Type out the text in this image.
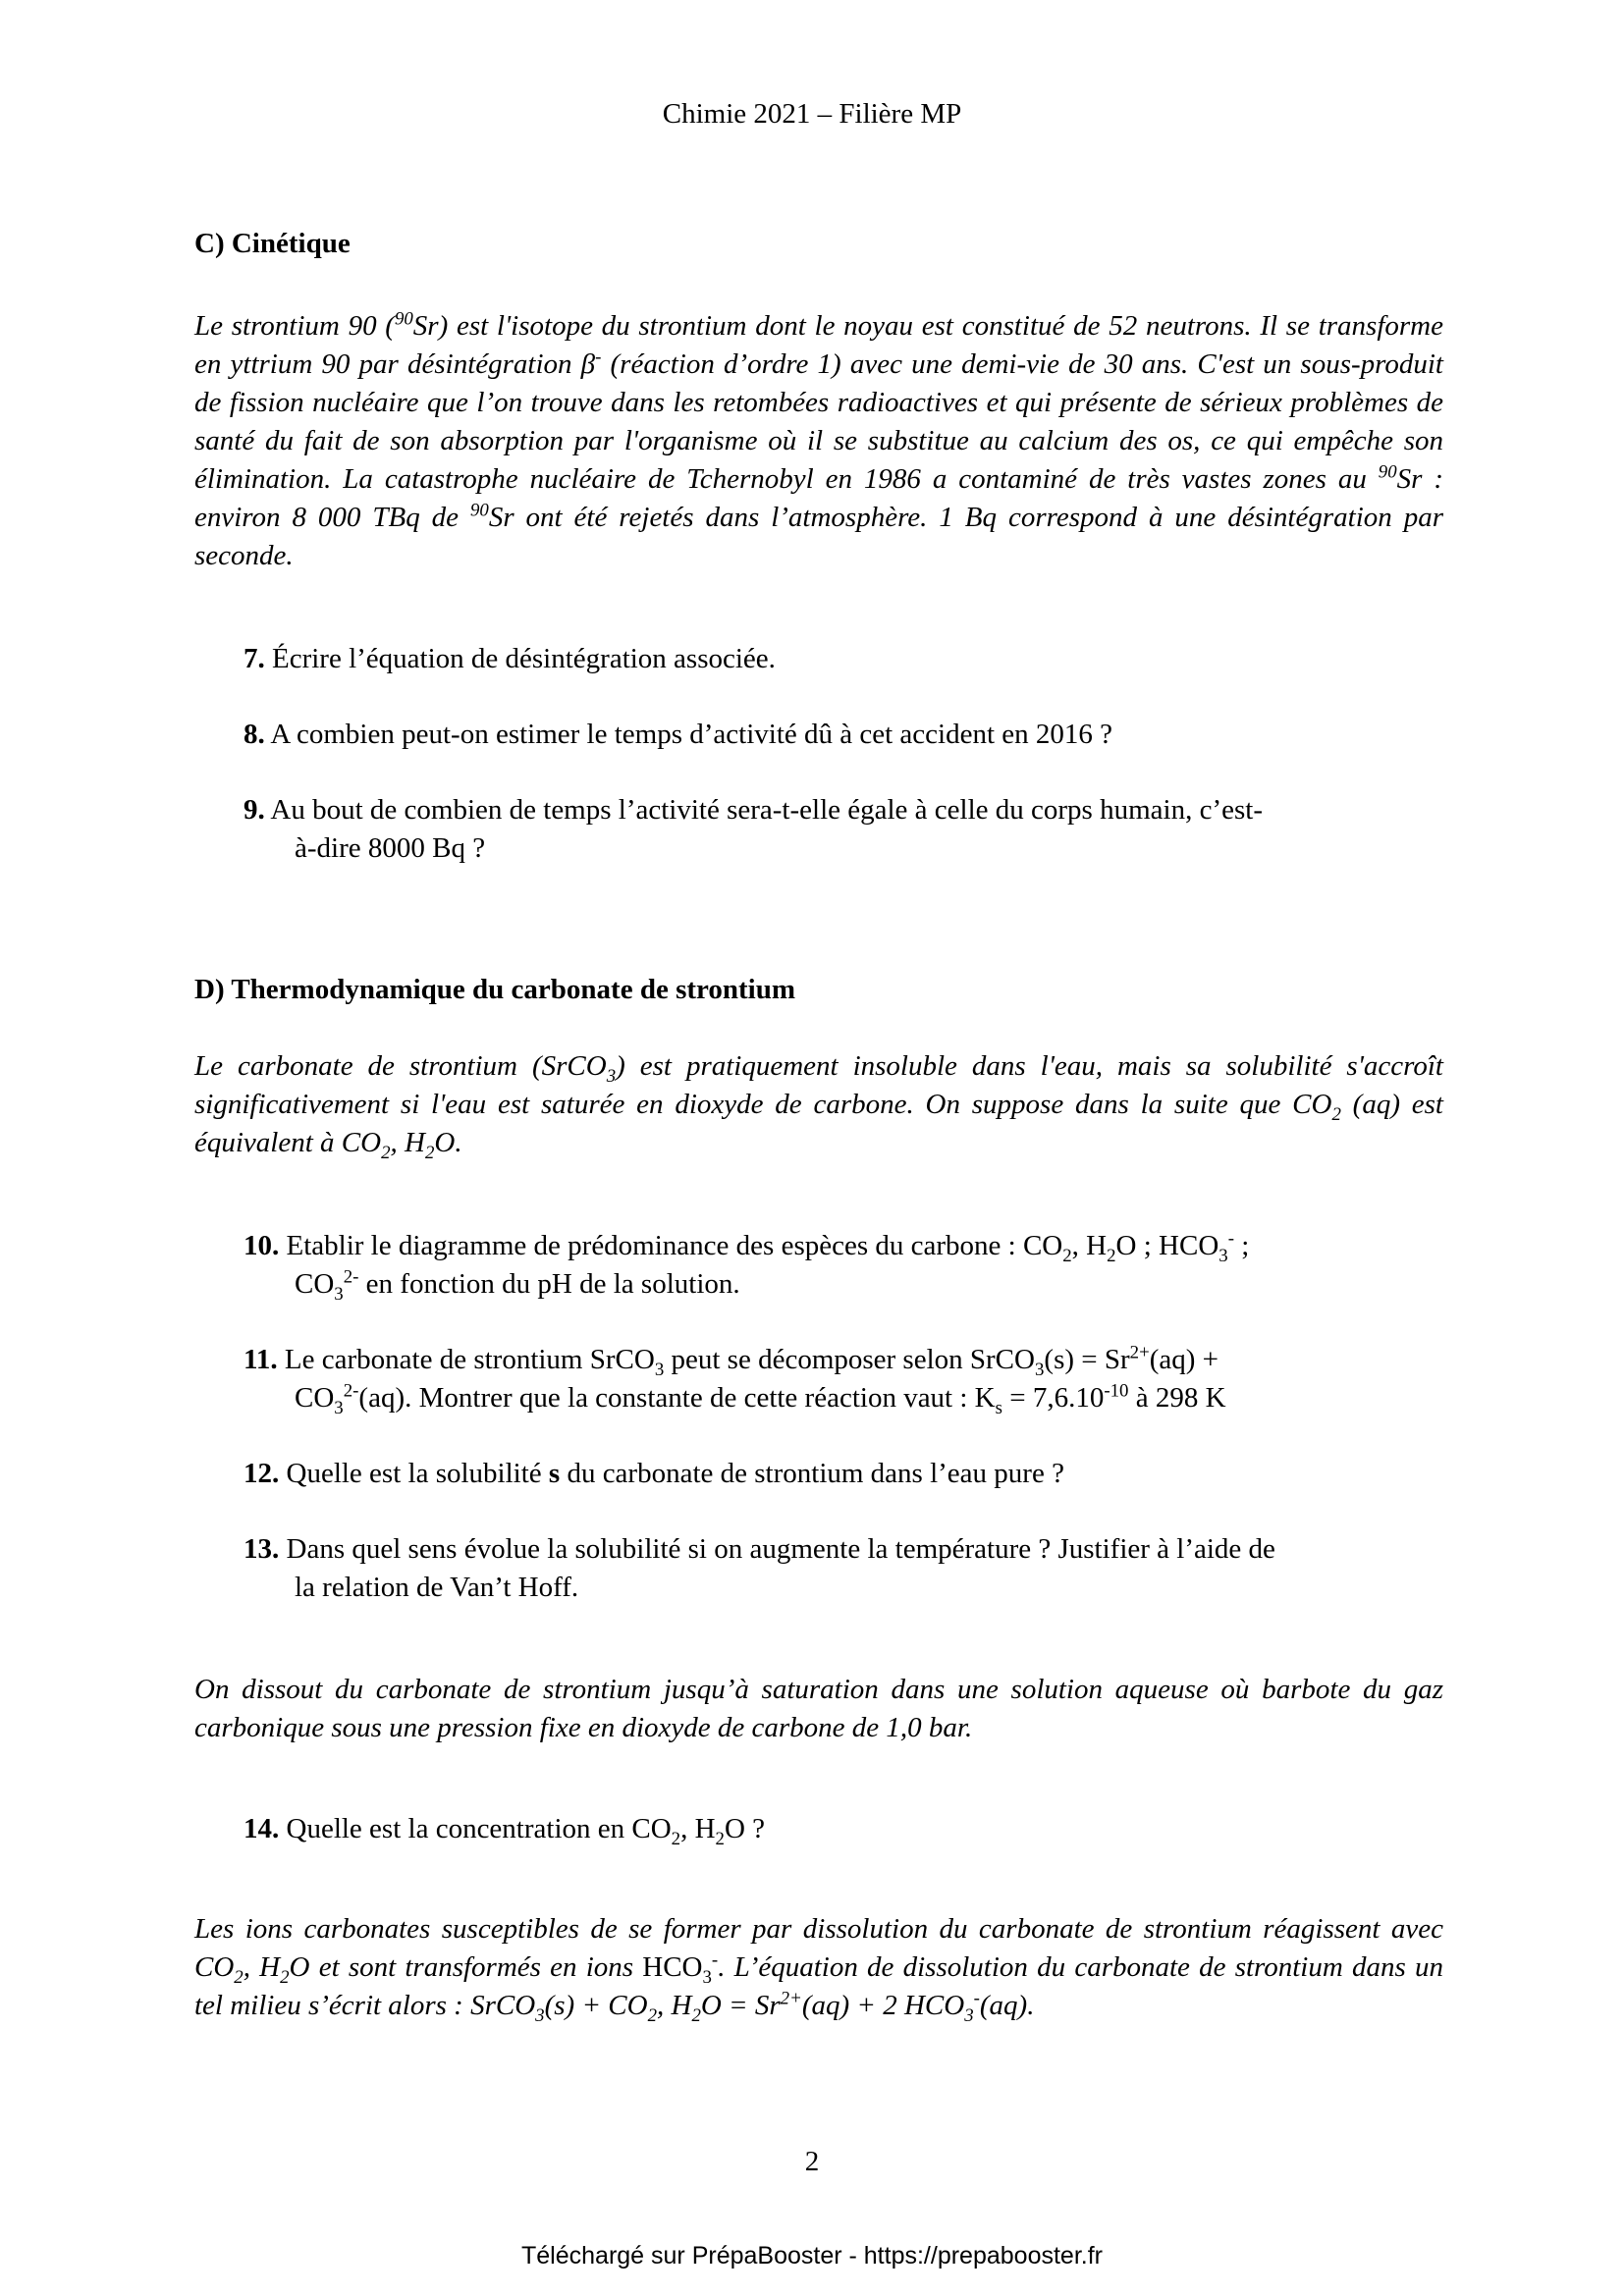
Chimie 2021 – Filière MP
C) Cinétique
Le strontium 90 ($^{90}$Sr) est l'isotope du strontium dont le noyau est constitué de 52 neutrons. Il se transforme en yttrium 90 par désintégration β- (réaction d’ordre 1) avec une demi-vie de 30 ans. C'est un sous-produit de fission nucléaire que l’on trouve dans les retombées radioactives et qui présente de sérieux problèmes de santé du fait de son absorption par l'organisme où il se substitue au calcium des os, ce qui empêche son élimination. La catastrophe nucléaire de Tchernobyl en 1986 a contaminé de très vastes zones au $^{90}$Sr : environ 8 000 TBq de $^{90}$Sr ont été rejetés dans l’atmosphère. 1 Bq correspond à une désintégration par seconde.
7. Écrire l’équation de désintégration associée.
8. A combien peut-on estimer le temps d’activité dû à cet accident en 2016 ?
9. Au bout de combien de temps l’activité sera-t-elle égale à celle du corps humain, c’est-
à-dire 8000 Bq ?
D) Thermodynamique du carbonate de strontium
Le carbonate de strontium (SrCO$_3$) est pratiquement insoluble dans l'eau, mais sa solubilité s'accroît significativement si l'eau est saturée en dioxyde de carbone. On suppose dans la suite que $CO_2$ (aq) est équivalent à $CO_2$, $H_2O$.
10. Etablir le diagramme de prédominance des espèces du carbone : $CO_2$, $H_2O$ ; $HCO_3^-$ ;
$CO_3^{2-}$ en fonction du pH de la solution.
11. Le carbonate de strontium SrCO$_3$ peut se décomposer selon SrCO$_3$(s) = $Sr^{2+}(aq)$ +
$CO_3^{2-}(aq)$. Montrer que la constante de cette réaction vaut : $K_s = 7,6.10^{-10}$ à 298 K
12. Quelle est la solubilité s du carbonate de strontium dans l’eau pure ?
13. Dans quel sens évolue la solubilité si on augmente la température ? Justifier à l’aide de
la relation de Van’t Hoff.
On dissout du carbonate de strontium jusqu’à saturation dans une solution aqueuse où barbote du gaz carbonique sous une pression fixe en dioxyde de carbone de 1,0 bar.
14. Quelle est la concentration en $CO_2$, $H_2O$ ?
Les ions carbonates susceptibles de se former par dissolution du carbonate de strontium réagissent avec $CO_2$, $H_2O$ et sont transformés en ions $HCO_3^-$. L’équation de dissolution du carbonate de strontium dans un tel milieu s’écrit alors : SrCO$_3$(s) + $CO_2$, $H_2O = Sr^{2+}(aq) + 2$ $HCO_3^-(aq)$.
2
Téléchargé sur PrépaBooster - https://prepabooster.fr
